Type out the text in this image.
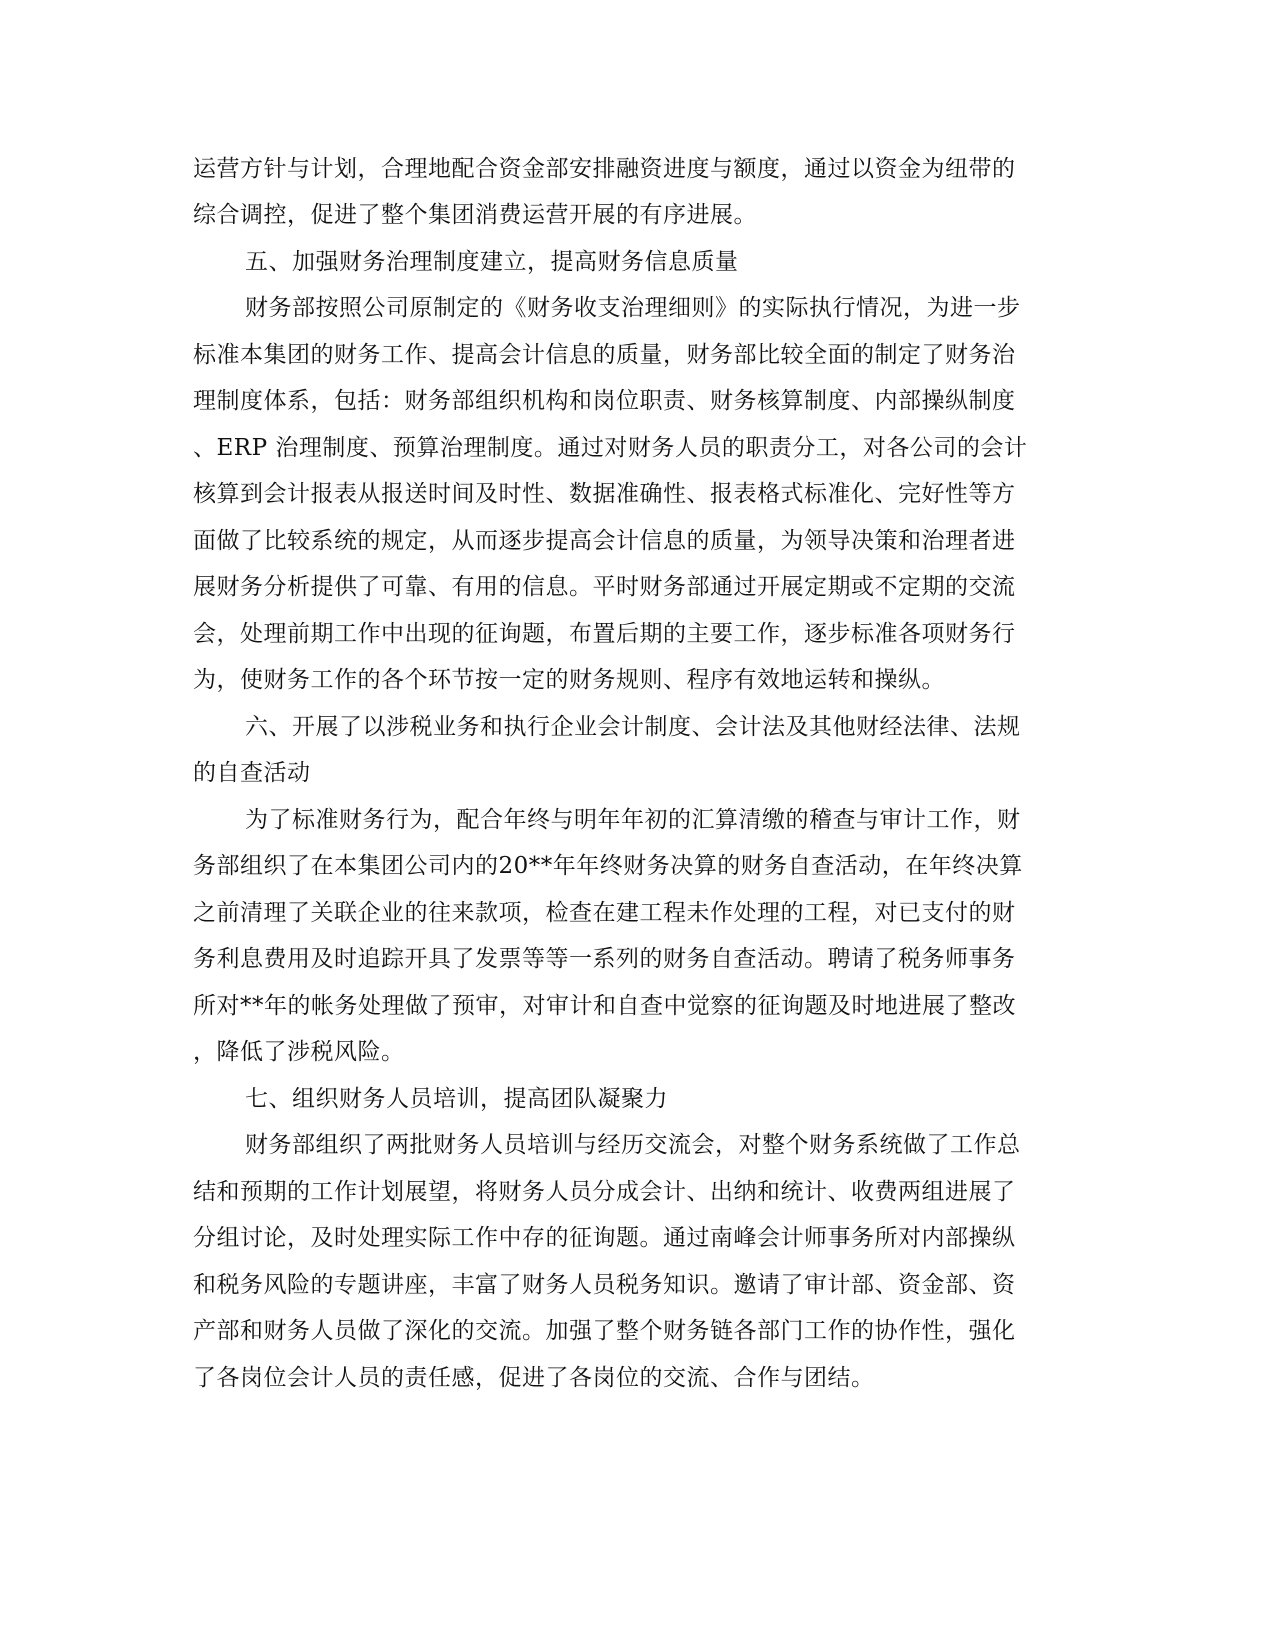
运营方针与计划，合理地配合资金部安排融资进度与额度，通过以资金为纽带的
综合调控，促进了整个集团消费运营开展的有序进展。
五、加强财务治理制度建立，提高财务信息质量
财务部按照公司原制定的《财务收支治理细则》的实际执行情况，为进一步
标准本集团的财务工作、提高会计信息的质量，财务部比较全面的制定了财务治
理制度体系，包括：财务部组织机构和岗位职责、财务核算制度、内部操纵制度
、ERP 治理制度、预算治理制度。通过对财务人员的职责分工，对各公司的会计
核算到会计报表从报送时间及时性、数据准确性、报表格式标准化、完好性等方
面做了比较系统的规定，从而逐步提高会计信息的质量，为领导决策和治理者进
展财务分析提供了可靠、有用的信息。平时财务部通过开展定期或不定期的交流
会，处理前期工作中出现的征询题，布置后期的主要工作，逐步标准各项财务行
为，使财务工作的各个环节按一定的财务规则、程序有效地运转和操纵。
六、开展了以涉税业务和执行企业会计制度、会计法及其他财经法律、法规
的自查活动
为了标准财务行为，配合年终与明年年初的汇算清缴的稽查与审计工作，财
务部组织了在本集团公司内的20**年年终财务决算的财务自查活动，在年终决算
之前清理了关联企业的往来款项，检查在建工程未作处理的工程，对已支付的财
务利息费用及时追踪开具了发票等等一系列的财务自查活动。聘请了税务师事务
所对**年的帐务处理做了预审，对审计和自查中觉察的征询题及时地进展了整改
，降低了涉税风险。
七、组织财务人员培训，提高团队凝聚力
财务部组织了两批财务人员培训与经历交流会，对整个财务系统做了工作总
结和预期的工作计划展望，将财务人员分成会计、出纳和统计、收费两组进展了
分组讨论，及时处理实际工作中存的征询题。通过南峰会计师事务所对内部操纵
和税务风险的专题讲座，丰富了财务人员税务知识。邀请了审计部、资金部、资
产部和财务人员做了深化的交流。加强了整个财务链各部门工作的协作性，强化
了各岗位会计人员的责任感，促进了各岗位的交流、合作与团结。
